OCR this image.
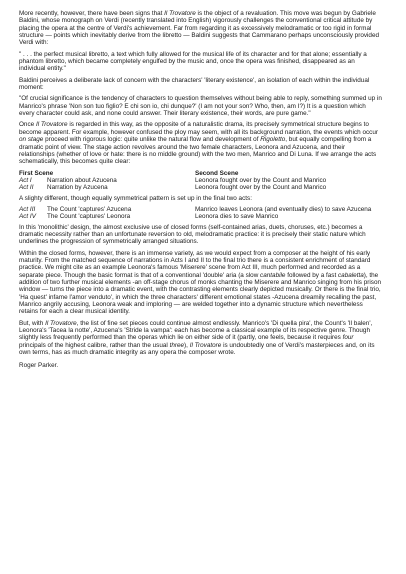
More recently, however, there have been signs that Il Trovatore is the object of a revaluation. This move was begun by Gabriele Baldini, whose monograph on Verdi (recently translated into English) vigorously challenges the conventional critical attitude by placing the opera at the centre of Verdi's achievement. Far from regarding it as excessively melodramatic or too rigid in formal structure — points which inevitably derive from the libretto — Baldini suggests that Cammarano perhaps unconsciously provided Verdi with:

" . . . the perfect musical libretto, a text which fully allowed for the musical life of its character and for that alone; essentially a phantom libretto, which became completely engulfed by the music and, once the opera was finished, disappeared as an individual entity."

Baldini perceives a deliberate lack of concern with the characters' 'literary existence', an isolation of each within the individual moment:

"Of crucial significance is the tendency of characters to question themselves without being able to reply, something summed up in Manrico's phrase 'Non son tuo figlio? E chi son io, chi dunque?' (I am not your son? Who, then, am I?) It is a question which every character could ask, and none could answer. Their literary existence, their words, are pure game."

Once Il Trovatore is regarded in this way, as the opposite of a naturalistic drama, its precisely symmetrical structure begins to become apparent. For example, however confused the ploy may seem, with all its background narration, the events which occur on stage proceed with rigorous logic: quite unlike the natural flow and development of Rigoletto, but equally compelling from a dramatic point of view. The stage action revolves around the two female characters, Leonora and Azucena, and their relationships (whether of love or hate: there is no middle ground) with the two men, Manrico and Di Luna. If we arrange the acts schematically, this becomes quite clear:

First Scene	Second Scene
Act I	Narration about Azucena	Leonora fought over by the Count and Manrico
Act II	Narration by Azucena	Leonora fought over by the Count and Manrico

A slighty different, though equally symmetrical pattern is set up in the final two acts:

Act III	The Count 'captures' Azucena	Manrico leaves Leonora (and eventually dies) to save Azucena
Act IV	The Count 'captures' Leonora	Leonora dies to save Manrico

In this 'monolithic' design, the almost exclusive use of closed forms (self-contained arias, duets, choruses, etc.) becomes a dramatic necessity rather than an unfortunate reversion to old, melodramatic practice: it is precisely their static nature which underlines the progression of symmetrically arranged situations.

Within the closed forms, however, there is an immense variety, as we would expect from a composer at the height of his early maturity. From the matched sequence of narrations in Acts I and II to the final trio there is a consistent enrichment of standard practice. We might cite as an example Leonora's famous 'Miserere' scene from Act III, much performed and recorded as a separate piece. Though the basic format is that of a conventional 'double' aria (a slow cantabile followed by a fast cabaletta), the addition of two further musical elements -an off-stage chorus of monks chanting the Miserere and Manrico singing from his prison window — turns the piece into a dramatic event, with the contrasting elements clearly depicted musically. Or there is the final trio, 'Ha quest' infame l'amor venduto', in which the three characters' different emotional states -Azucena dreamily recalling the past, Manrico angrily accusing, Leonora weak and imploring — are welded together into a dynamic structure which nevertheless retains for each a clear musical identity.

But, with Il Trovatore, the list of fine set pieces could continue almost endlessly. Manrico's 'Di quella pira', the Count's 'Il balen', Leonora's 'Tacea la notte', Azucena's 'Stride la vampa': each has become a classical example of its respective genre. Though slightly less frequently performed than the operas which lie on either side of it (partly, one feels, because it requires four principals of the highest calibre, rather than the usual three), Il Trovatore is undoubtedly one of Verdi's masterpieces and, on its own terms, has as much dramatic integrity as any opera the composer wrote.

Roger Parker.
